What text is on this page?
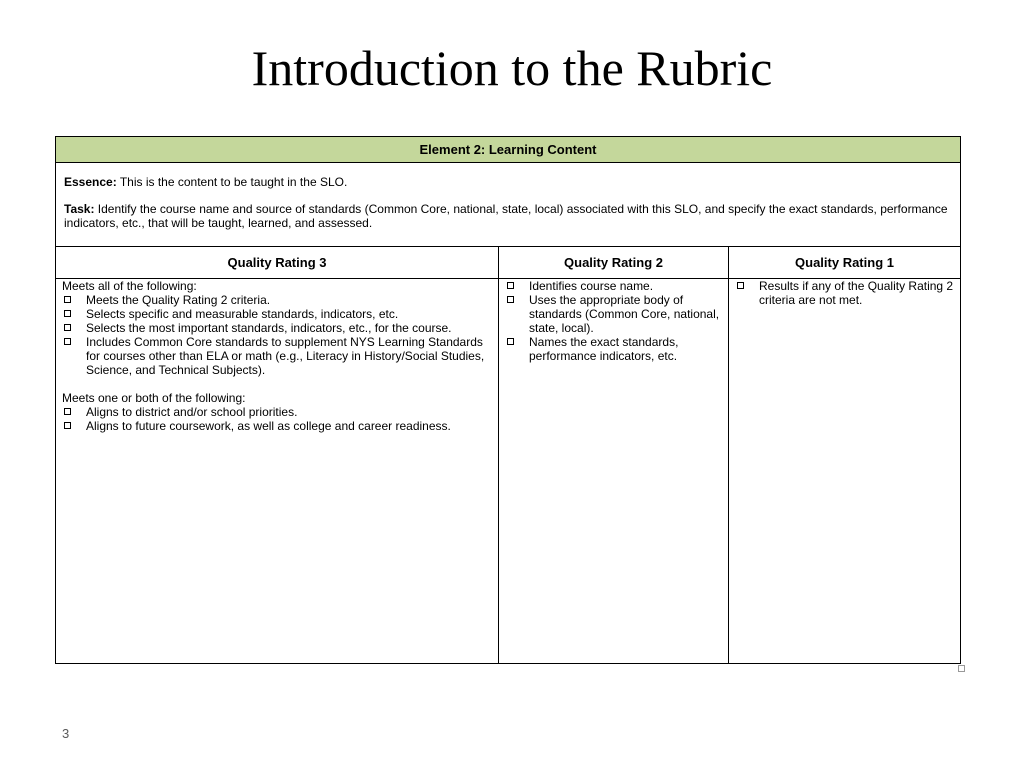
Introduction to the Rubric
Element 2: Learning Content

Essence: This is the content to be taught in the SLO.

Task: Identify the course name and source of standards (Common Core, national, state, local) associated with this SLO, and specify the exact standards, performance indicators, etc., that will be taught, learned, and assessed.

Quality Rating 3	Quality Rating 2	Quality Rating 1

Meets all of the following:

Meets the Quality Rating 2 criteria.
Selects specific and measurable standards, indicators, etc.
Selects the most important standards, indicators, etc., for the course.
Includes Common Core standards to supplement NYS Learning Standards for courses other than ELA or math (e.g., Literacy in History/Social Studies, Science, and Technical Subjects).

Meets one or both of the following:

Aligns to district and/or school priorities.
Aligns to future coursework, as well as college and career readiness.
Identifies course name.
Uses the appropriate body of standards (Common Core, national, state, local).
Names the exact standards, performance indicators, etc.
Results if any of the Quality Rating 2 criteria are not met.
3
